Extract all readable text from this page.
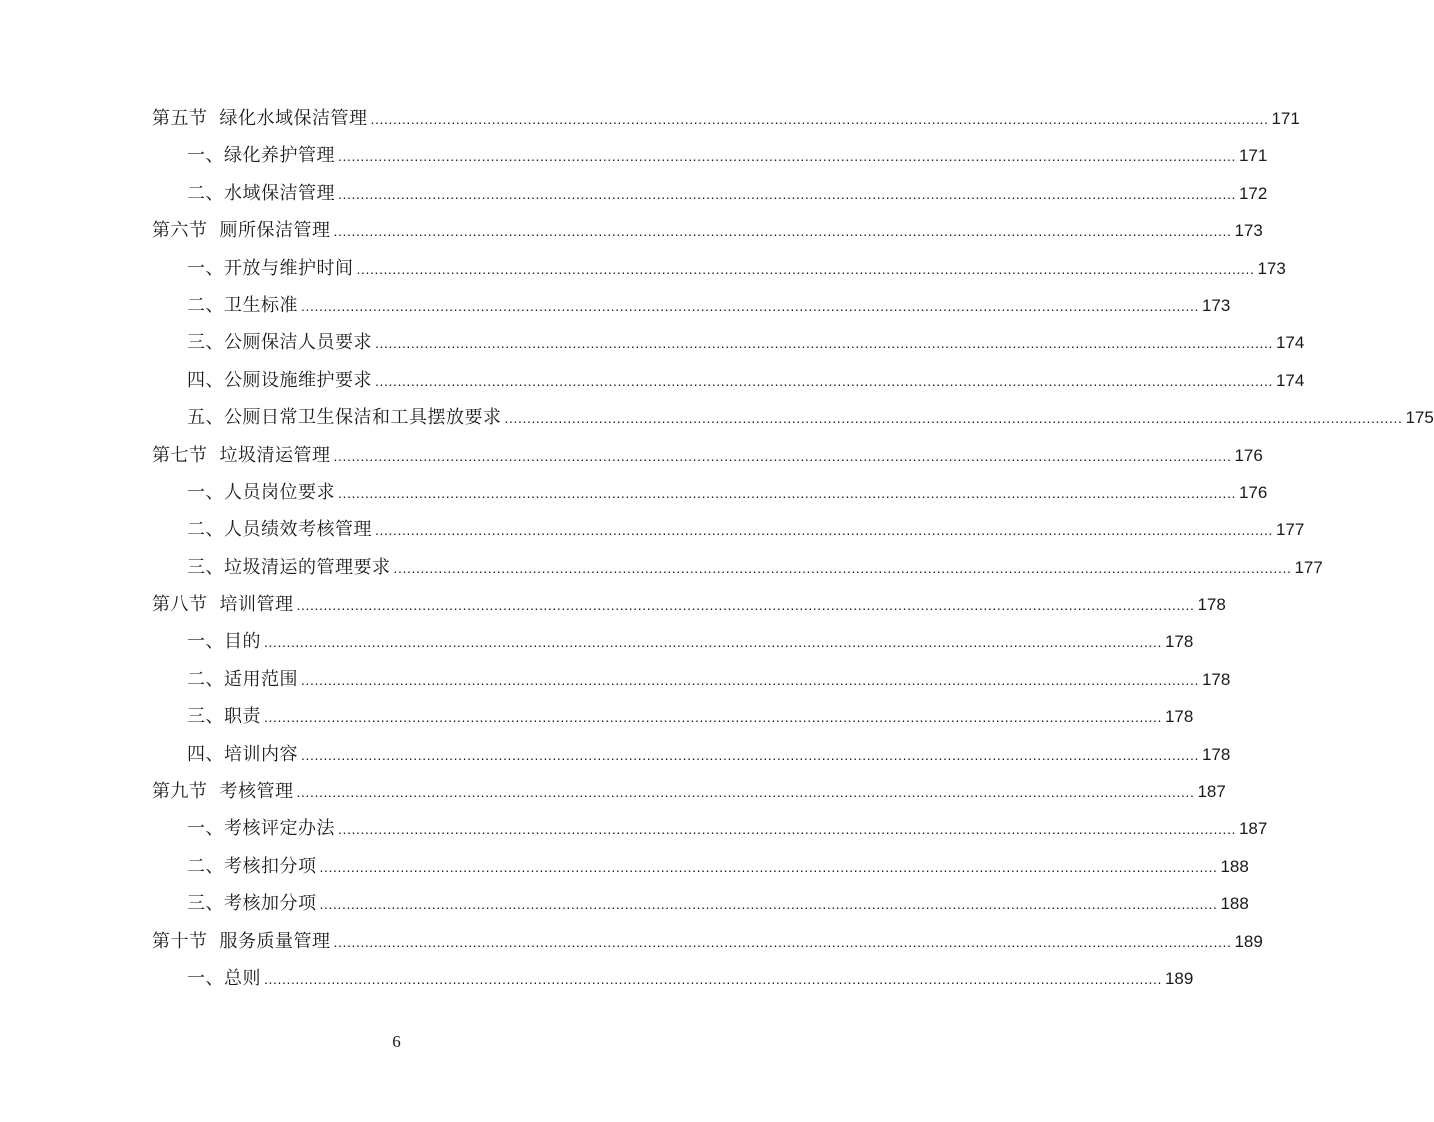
第五节 绿化水域保洁管理 ........................................................................................................................................................................................................ 171
一、绿化养护管理 ........................................................................................................................................................................................................ 171
二、水域保洁管理 ........................................................................................................................................................................................................ 172
第六节 厕所保洁管理 ........................................................................................................................................................................................................ 173
一、开放与维护时间 ........................................................................................................................................................................................................ 173
二、卫生标准 ........................................................................................................................................................................................................ 173
三、公厕保洁人员要求 ........................................................................................................................................................................................................ 174
四、公厕设施维护要求 ........................................................................................................................................................................................................ 174
五、公厕日常卫生保洁和工具摆放要求 ........................................................................................................................................................................................................ 175
第七节 垃圾清运管理 ........................................................................................................................................................................................................ 176
一、人员岗位要求 ........................................................................................................................................................................................................ 176
二、人员绩效考核管理 ........................................................................................................................................................................................................ 177
三、垃圾清运的管理要求 ........................................................................................................................................................................................................ 177
第八节 培训管理 ........................................................................................................................................................................................................ 178
一、目的 ........................................................................................................................................................................................................ 178
二、适用范围 ........................................................................................................................................................................................................ 178
三、职责 ........................................................................................................................................................................................................ 178
四、培训内容 ........................................................................................................................................................................................................ 178
第九节 考核管理 ........................................................................................................................................................................................................ 187
一、考核评定办法 ........................................................................................................................................................................................................ 187
二、考核扣分项 ........................................................................................................................................................................................................ 188
三、考核加分项 ........................................................................................................................................................................................................ 188
第十节 服务质量管理 ........................................................................................................................................................................................................ 189
一、总则 ........................................................................................................................................................................................................ 189
6
